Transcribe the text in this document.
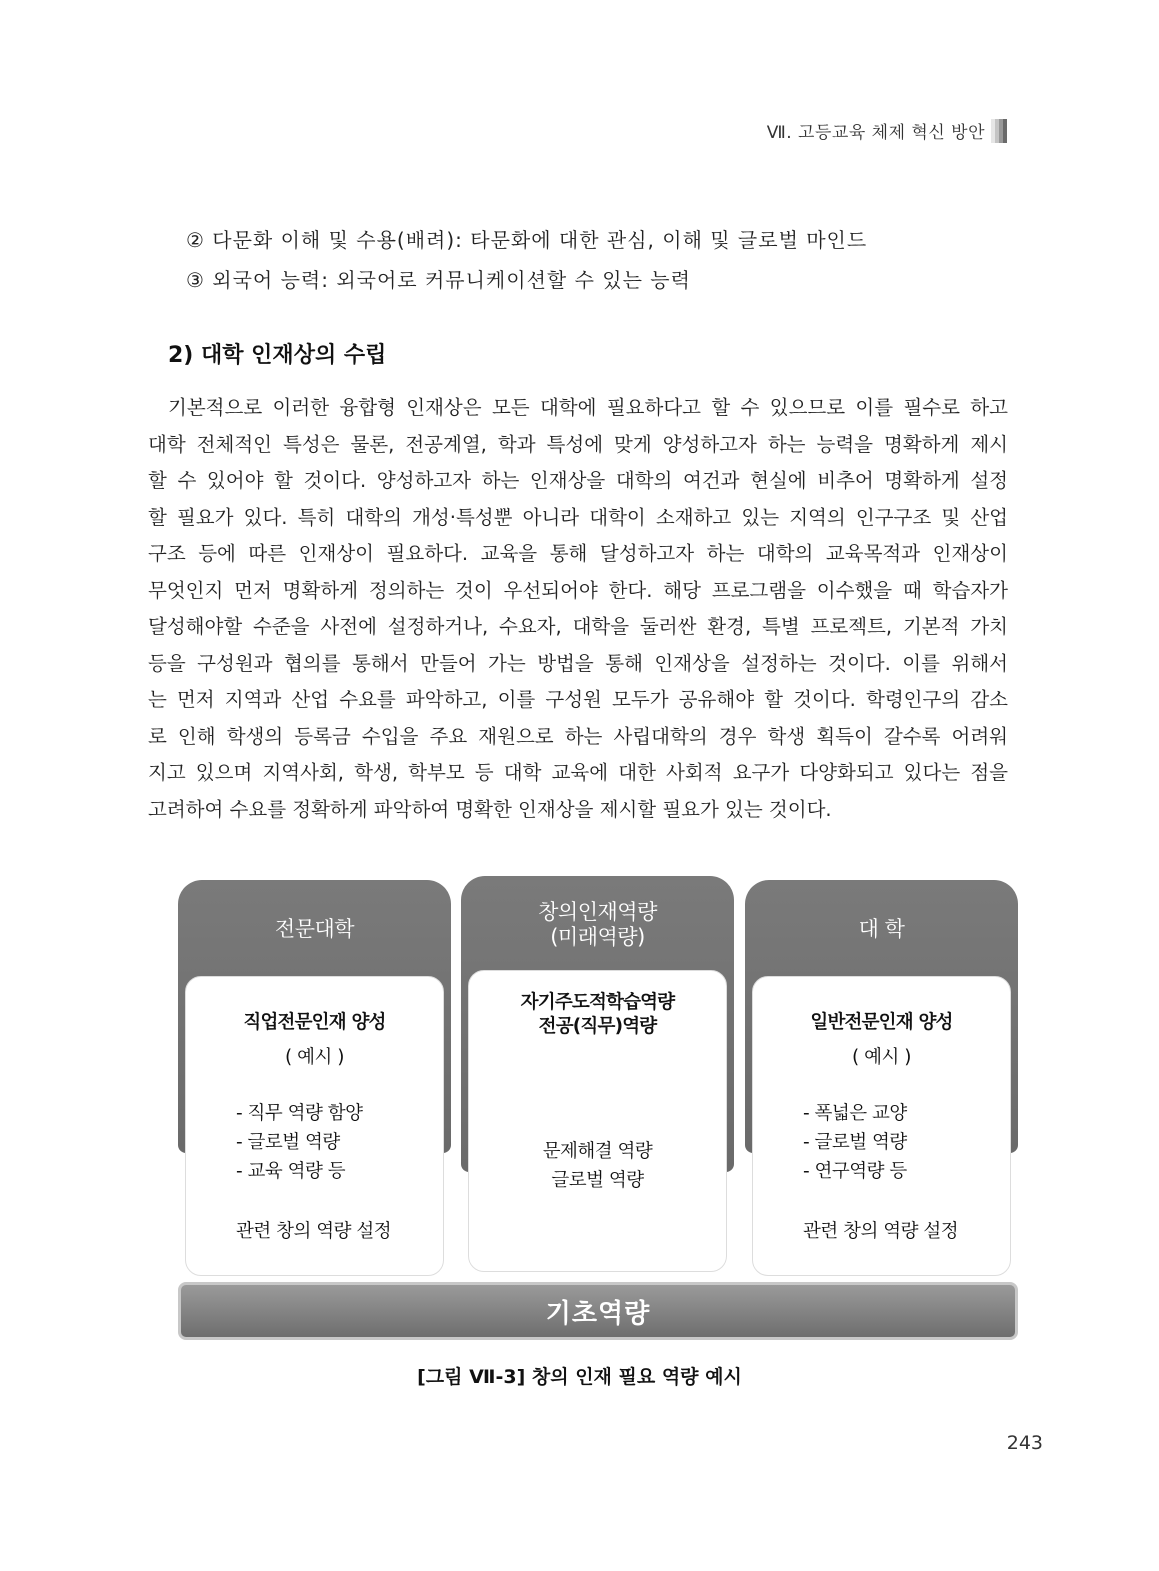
Ⅶ. 고등교육 체제 혁신 방안
② 다문화 이해 및 수용(배려): 타문화에 대한 관심, 이해 및 글로벌 마인드
③ 외국어 능력: 외국어로 커뮤니케이션할 수 있는 능력
2) 대학 인재상의 수립
기본적으로 이러한 융합형 인재상은 모든 대학에 필요하다고 할 수 있으므로 이를 필수로 하고
대학 전체적인 특성은 물론, 전공계열, 학과 특성에 맞게 양성하고자 하는 능력을 명확하게 제시
할 수 있어야 할 것이다. 양성하고자 하는 인재상을 대학의 여건과 현실에 비추어 명확하게 설정
할 필요가 있다. 특히 대학의 개성‧특성뿐 아니라 대학이 소재하고 있는 지역의 인구구조 및 산업
구조 등에 따른 인재상이 필요하다. 교육을 통해 달성하고자 하는 대학의 교육목적과 인재상이
무엇인지 먼저 명확하게 정의하는 것이 우선되어야 한다. 해당 프로그램을 이수했을 때 학습자가
달성해야할 수준을 사전에 설정하거나, 수요자, 대학을 둘러싼 환경, 특별 프로젝트, 기본적 가치
등을 구성원과 협의를 통해서 만들어 가는 방법을 통해 인재상을 설정하는 것이다. 이를 위해서
는 먼저 지역과 산업 수요를 파악하고, 이를 구성원 모두가 공유해야 할 것이다. 학령인구의 감소
로 인해 학생의 등록금 수입을 주요 재원으로 하는 사립대학의 경우 학생 획득이 갈수록 어려워
지고 있으며 지역사회, 학생, 학부모 등 대학 교육에 대한 사회적 요구가 다양화되고 있다는 점을
고려하여 수요를 정확하게 파악하여 명확한 인재상을 제시할 필요가 있는 것이다.
전문대학
직업전문인재 양성
( 예시 )
- 직무 역량 함양
- 글로벌 역량
- 교육 역량 등
관련 창의 역량 설정
창의인재역량
(미래역량)
자기주도적학습역량
전공(직무)역량
문제해결 역량
글로벌 역량
대 학
일반전문인재 양성
( 예시 )
- 폭넓은 교양
- 글로벌 역량
- 연구역량 등
관련 창의 역량 설정
기초역량
[그림 Ⅶ-3] 창의 인재 필요 역량 예시
243
